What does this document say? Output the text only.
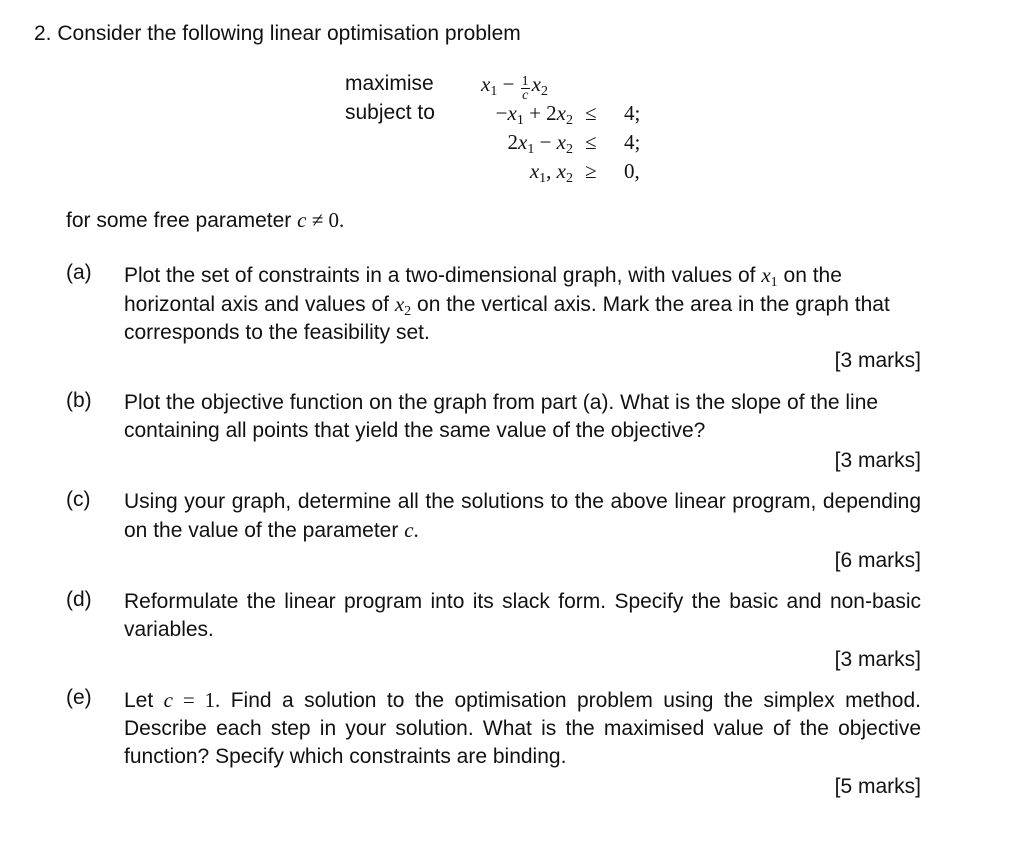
2. Consider the following linear optimisation problem
maximise
subject to
$x_1 - \frac{1}{c} x_2$
$-x_1 + 2x_2$
$2x_1 - x_2$
$x_1$, $x_2$
≤
≤
≥
4;
4;
0,
for some free parameter c ≠ 0.
(a) Plot the set of constraints in a two-dimensional graph, with values of $x_1$ on the horizontal axis and values of $x_2$ on the vertical axis. Mark the area in the graph that corresponds to the feasibility set.
[3 marks]
(b) Plot the objective function on the graph from part (a). What is the slope of the line containing all points that yield the same value of the objective?
[3 marks]
(c) Using your graph, determine all the solutions to the above linear program, depending on the value of the parameter c.
[6 marks]
(d) Reformulate the linear program into its slack form. Specify the basic and non-basic variables.
[3 marks]
(e) Let c = 1. Find a solution to the optimisation problem using the simplex method. Describe each step in your solution. What is the maximised value of the objective function? Specify which constraints are binding.
[5 marks]
